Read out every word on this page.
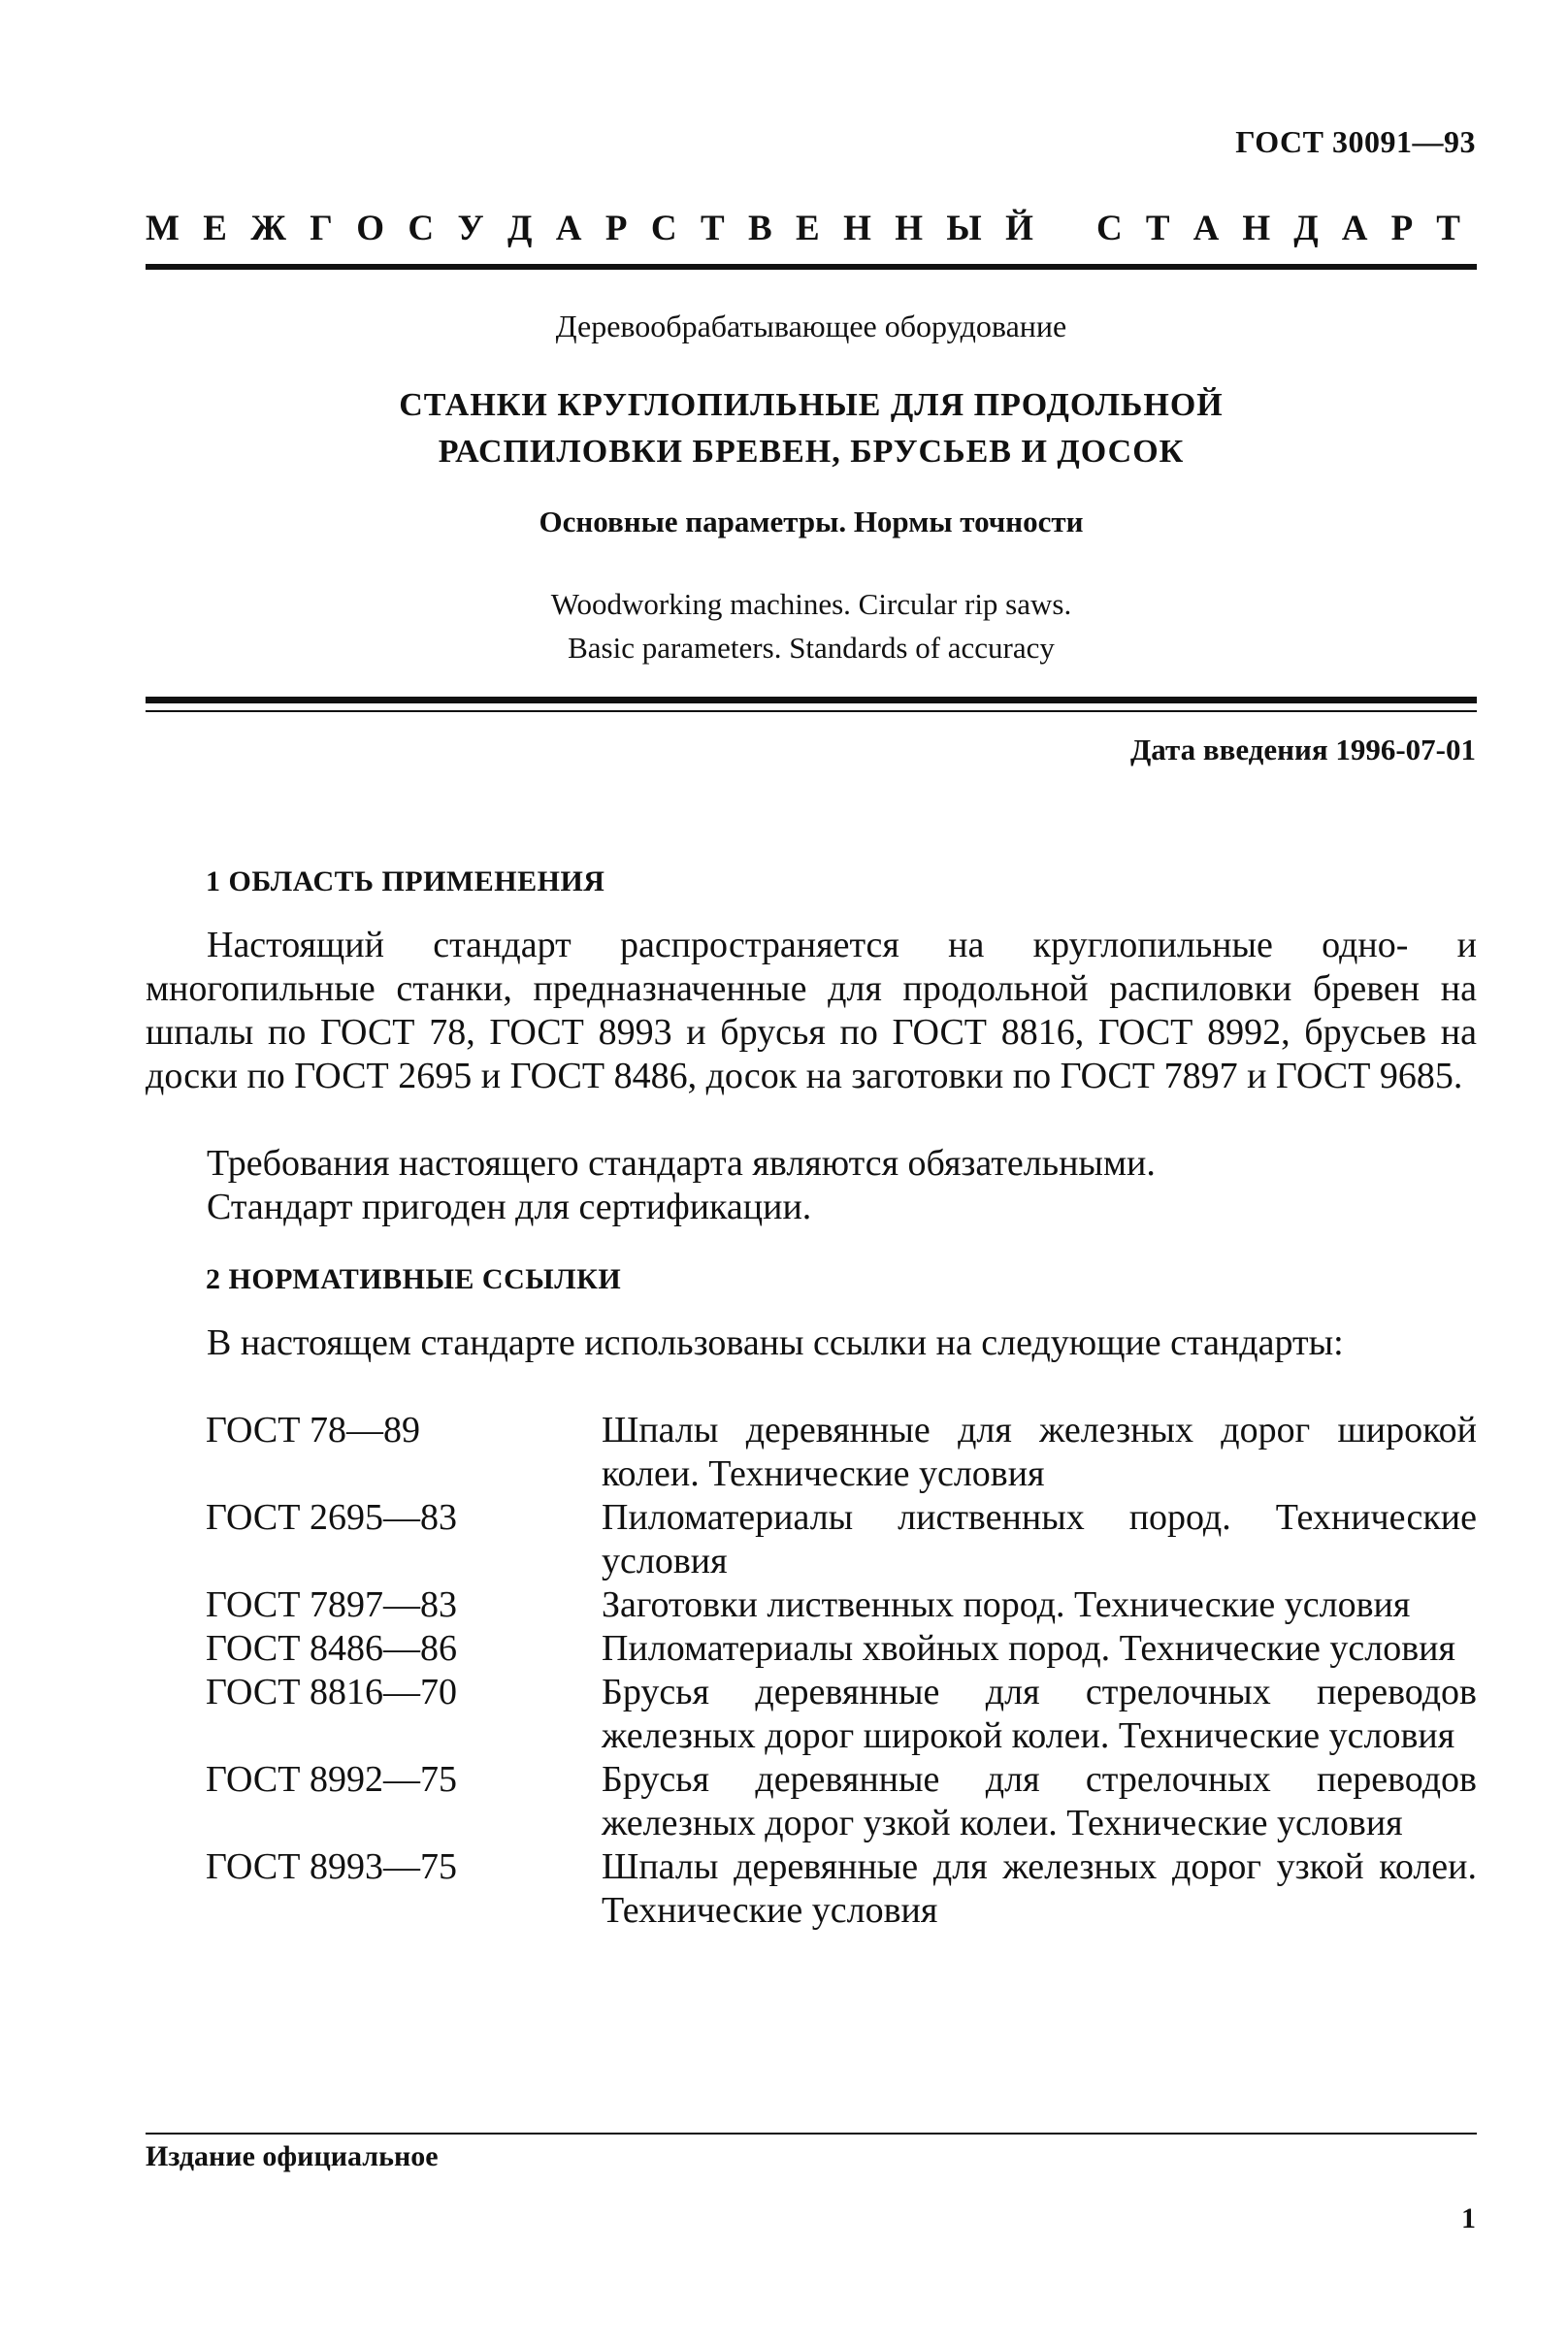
ГОСТ 30091—93
М Е Ж Г О С У Д А Р С Т В Е Н Н Ы Й С Т А Н Д А Р Т
Деревообрабатывающее оборудование
СТАНКИ КРУГЛОПИЛЬНЫЕ ДЛЯ ПРОДОЛЬНОЙ
РАСПИЛОВКИ БРЕВЕН, БРУСЬЕВ И ДОСОК
Основные параметры. Нормы точности
Woodworking machines. Circular rip saws.
Basic parameters. Standards of accuracy
Дата введения 1996-07-01
1 ОБЛАСТЬ ПРИМЕНЕНИЯ
Настоящий стандарт распространяется на круглопильные одно- и многопильные станки, предназначенные для продольной распиловки бревен на шпалы по ГОСТ 78, ГОСТ 8993 и брусья по ГОСТ 8816, ГОСТ 8992, брусьев на доски по ГОСТ 2695 и ГОСТ 8486, досок на заготовки по ГОСТ 7897 и ГОСТ 9685.
Требования настоящего стандарта являются обязательными.
Стандарт пригоден для сертификации.
2 НОРМАТИВНЫЕ ССЫЛКИ
В настоящем стандарте использованы ссылки на следующие стандарты:
ГОСТ 78—89	Шпалы деревянные для железных дорог широкой колеи. Технические условия
ГОСТ 2695—83	Пиломатериалы лиственных пород. Технические условия
ГОСТ 7897—83	Заготовки лиственных пород. Технические условия
ГОСТ 8486—86	Пиломатериалы хвойных пород. Технические условия
ГОСТ 8816—70	Брусья деревянные для стрелочных переводов железных дорог широкой колеи. Технические условия
ГОСТ 8992—75	Брусья деревянные для стрелочных переводов железных дорог узкой колеи. Технические условия
ГОСТ 8993—75	Шпалы деревянные для железных дорог узкой колеи. Технические условия
Издание официальное
1
